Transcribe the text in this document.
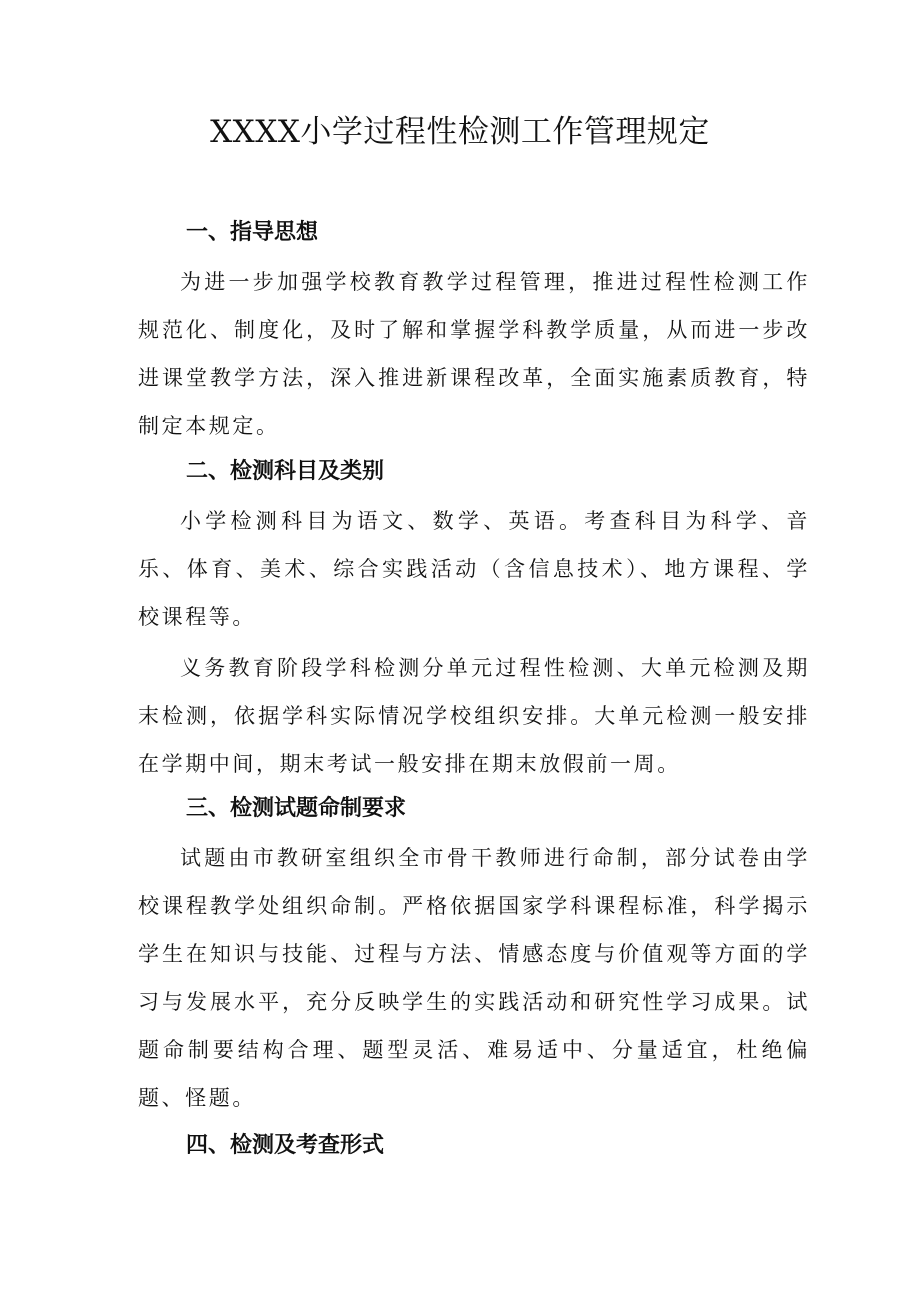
XXXX小学过程性检测工作管理规定
一、指导思想

为进一步加强学校教育教学过程管理，推进过程性检测工作规范化、制度化，及时了解和掌握学科教学质量，从而进一步改进课堂教学方法，深入推进新课程改革，全面实施素质教育，特制定本规定。

二、检测科目及类别

小学检测科目为语文、数学、英语。考查科目为科学、音乐、体育、美术、综合实践活动（含信息技术）、地方课程、学校课程等。

义务教育阶段学科检测分单元过程性检测、大单元检测及期末检测，依据学科实际情况学校组织安排。大单元检测一般安排在学期中间，期末考试一般安排在期末放假前一周。

三、检测试题命制要求

试题由市教研室组织全市骨干教师进行命制，部分试卷由学校课程教学处组织命制。严格依据国家学科课程标准，科学揭示学生在知识与技能、过程与方法、情感态度与价值观等方面的学习与发展水平，充分反映学生的实践活动和研究性学习成果。试题命制要结构合理、题型灵活、难易适中、分量适宜，杜绝偏题、怪题。

四、检测及考查形式
